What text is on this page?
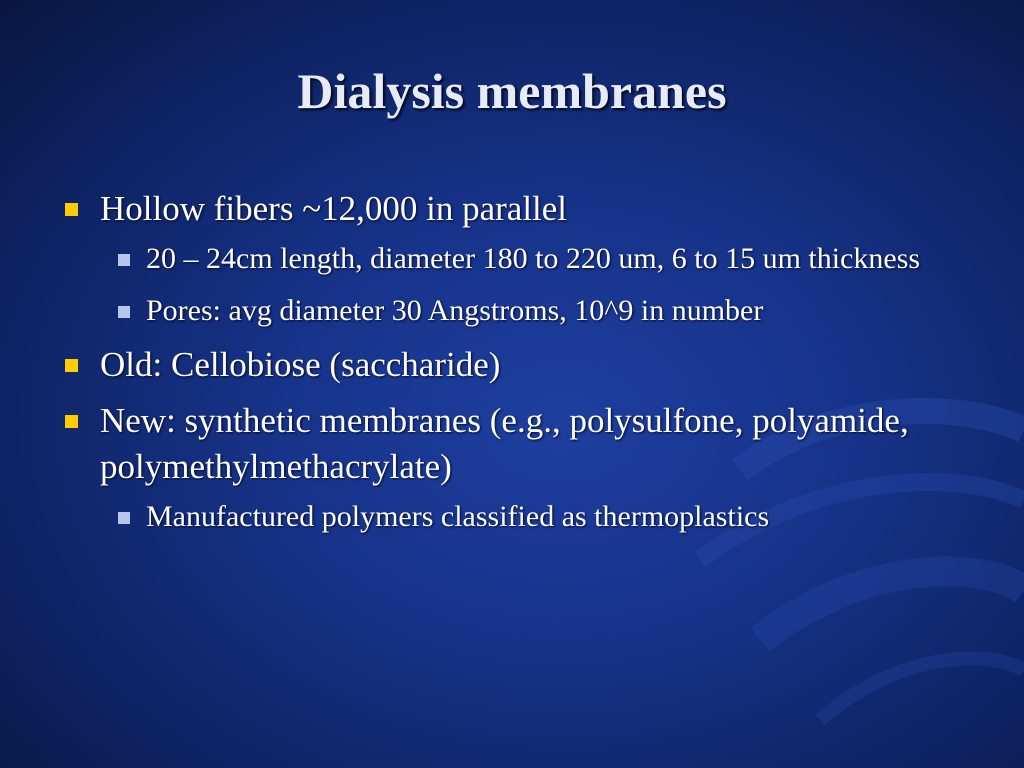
Dialysis membranes
Hollow fibers ~12,000 in parallel
20 – 24cm length, diameter 180 to 220 um, 6 to 15 um thickness
Pores: avg diameter 30 Angstroms, 10^9 in number
Old: Cellobiose (saccharide)
New: synthetic membranes (e.g., polysulfone, polyamide, polymethylmethacrylate)
Manufactured polymers classified as thermoplastics
